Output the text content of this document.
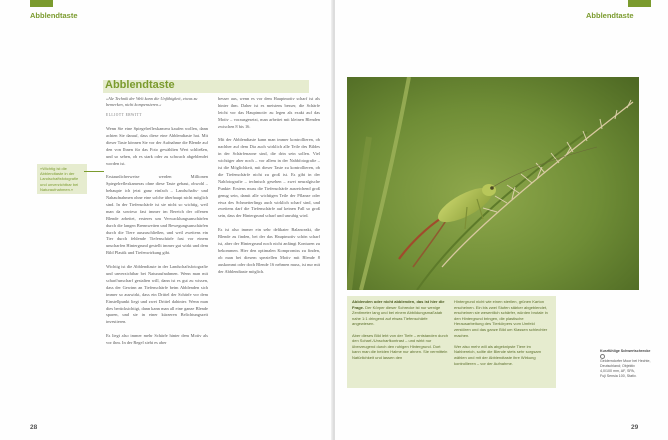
Abblendtaste
Abblendtaste
»Ale Technik der Welt kann die Unfähigkeit, etwas zu bemerken, nicht kompensieren.«
ELLIOTT ERWITT
»Wichtig ist die Abblendtaste in der Landschaftsfotografie und unverzichtbar bei Naturaufnahmen.«

Wenn Sie eine Spiegelreflexkamera kaufen wollen, dann achten Sie darauf, dass diese eine Abblendtaste hat. Mit dieser Taste können Sie vor der Aufnahme die Blende auf den von Ihnen für das Foto gewählten Wert schließen, und so sehen, ob es stark oder zu schwach abgeblendet worden ist.

Erstaunlicherweise werden Millionen Spiegelreflexkameras ohne diese Taste gebaut, obwohl – behaupte ich jetzt ganz einfach – Landschafts- und Nahaufnahmen ohne eine solche überhaupt nicht möglich sind. In der Tiefenschärfe ist sie nicht so wichtig, weil man da sowieso fast immer im Bereich der offenen Blende arbeitet, ersteres um Verwacklungsunschärfen durch die langen Brennweiten und Bewegungsunschärfen durch die Tiere auszuschließen, und weil zweitens ein Tier durch fehlende Tiefenschärfe fast vor einem unscharfen Hintergrund gestellt immer gut wirkt und dem Bild Plastik und Tiefenwirkung gibt.

Wichtig ist die Abblendtaste in der Landschaftsfotografie und unverzichtbar bei Naturaufnahmen. Wenn man mit scharf/unscharf gestalten will, dann ist es gut zu wissen, dass der Gewinn an Tiefenschärfe beim Abblenden sich immer so auswirkt, dass ein Drittel der Schärfe vor dem Einstellpunkt liegt und zwei Drittel dahinter. Wenn man dies berücksichtigt, dann kann man all eine ganze Blende sparen, und sie in einer kürzeren Belichtungszeit investieren.

Es liegt also immer mehr Schärfe hinter dem Motiv als vor ihm. In der Regel sieht es aber

besser aus, wenn es vor dem Hauptmotiv scharf ist als hinter ihm. Daher ist es meistens besser, die Schärfe leicht vor das Hauptmotiv zu legen als exakt auf das Motiv – vorausgesetzt, man arbeitet mit kleinen Blenden zwischen 8 bis 16.

Mit der Abblendtaste kann man immer kontrollieren, ob nachher auf dem Dia auch wirklich alle Teile des Bildes in der Schärfenzone sind, die drin sein sollen. Viel wichtiger aber noch – vor allem in der Nahbfotografie – ist die Möglichkeit, mit dieser Taste zu kontrollieren, ob die Tiefenschärfe nicht zu groß ist. Es gibt in der Nahfotografie – technisch gesehen – zwei neuralgische Punkte: Erstens muss die Tiefenschärfe ausreichend groß genug sein, damit alle wichtigen Teile der Pflanze oder etwa des Schmetterlings auch wirklich scharf sind, und zweitens darf die Tiefenschärfe auf keinen Fall so groß sein, dass der Hintergrund scharf und unruhig wird.

Es ist also immer ein sehr delikater Balanceakt, die Blende zu finden, bei der das Hauptmotiv schön scharf ist, aber der Hintergrund noch nicht anfängt Konturen zu bekommen. Hier den optimalen Kompromiss zu finden, ob man bei diesem speziellen Motiv mit Blende 8 auskommt oder doch Blende 16 nehmen muss, ist nur mit der Abblendtaste möglich.

28
Abblendtaste

Abblenden oder nicht abblenden, das ist hier die Frage. Der Körper dieser Schrecke ist nur wenige Zentimeter lang und bei einem Abbildungsmaßstab nahe 1:1 dringend auf etwas Tiefenschärfe angewiesen.

Aber dieses Bild lebt von der Tiefe – entstanden durch den Scharf-/Unscharfkontrast – und wirkt nur überzeugend durch den ruhigen Hintergrund. Dort kann man die beiden Halme nur ahnen. Sie vermitteln Natürlichkeit und lassen den

Hintergrund nicht wie einen sterilen, grünen Karton erscheinen. Ein bis zwei Stufen stärker abgeblendet, erscheinen sie wesentlich schärfer, würden brutale in den Hintergrund bringen, die plastische Herausarbeitung des Tierkörpers vom Umfeld zerstören und das ganze Bild um Klassen schlechter machen.

Wer also mehr will als abgeknipste Tiere im Nahbereich, sollte die Blende stets sehr sorgsam wählen und mit der Abblendtaste ihre Wirkung kontrollieren – vor der Aufnahme.

Kurzfühlige Schwertschrecke
Gelderndorfer Moor bei Hechte,
Deutschland; Objektiv
4,0/100 mm, AF, SPA,
Fuji Sensia 100, Stativ.
29
